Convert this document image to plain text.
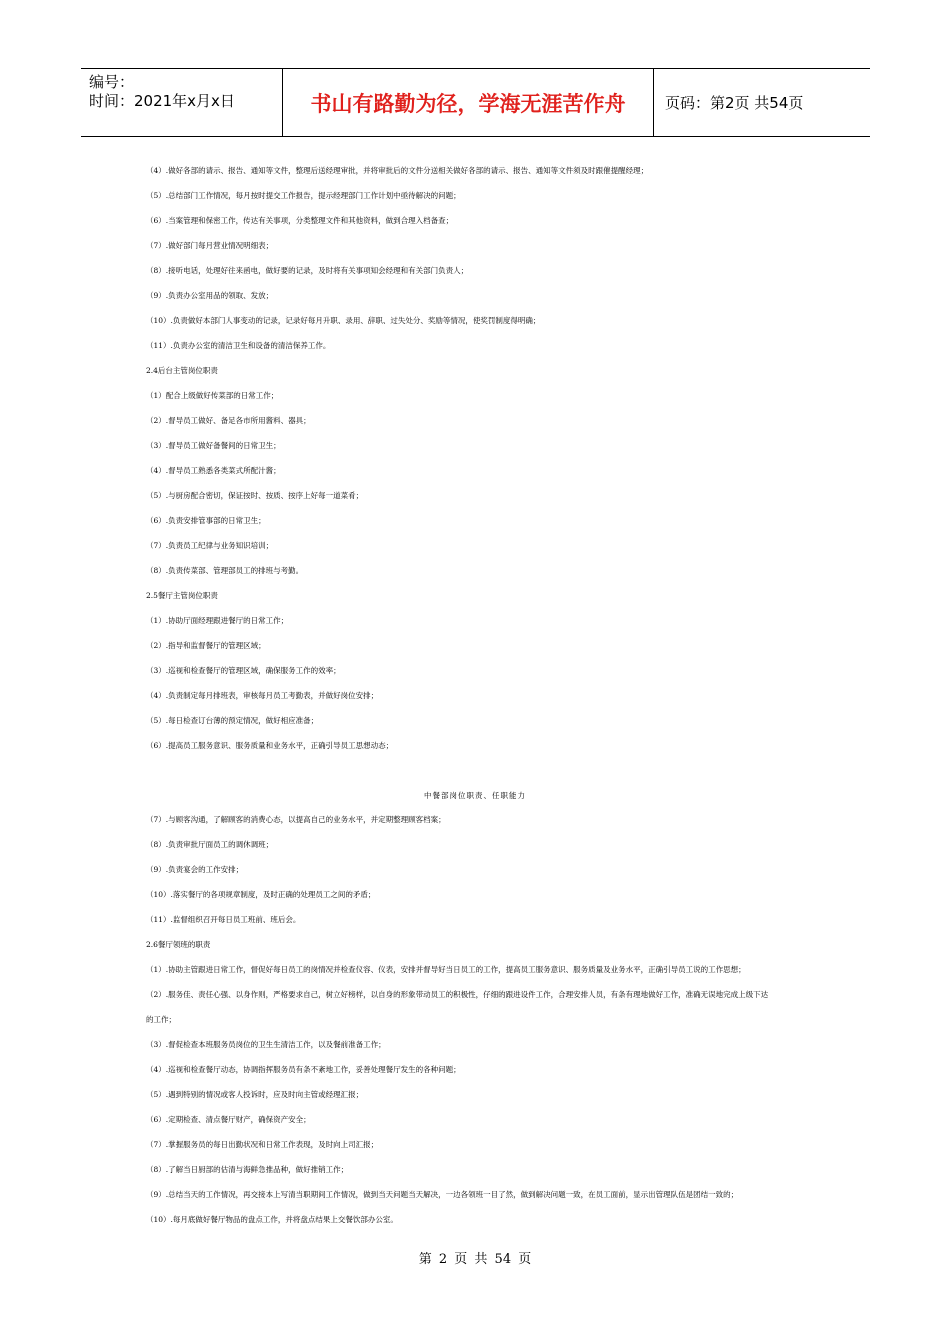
编号：
时间：2021年x月x日	书山有路勤为径，学海无涯苦作舟	页码：第2页 共54页
（4）.做好各部的请示、报告、通知等文件，整理后送经理审批，并将审批后的文件分送相关做好各部的请示、报告、通知等文件须及时跟催提醒经理；
（5）.总结部门工作情况，每月按时提交工作报告，提示经理部门工作计划中亟待解决的问题；
（6）.当案管理和保密工作，传达有关事项，分类整理文件和其他资料，做到合理入档备查；
（7）.做好部门每月营业情况明细表；
（8）.接听电话，处理好往来函电，做好要的记录，及时将有关事项知会经理和有关部门负责人；
（9）.负责办公室用品的领取、发放；
（10）.负责做好本部门人事变动的记录，记录好每月升职、录用、辞职、过失处分、奖励等情况，使奖罚制度得明确；
（11）.负责办公室的清洁卫生和设备的清洁保养工作。
2.4后台主管岗位职责
（1）配合上级做好传菜部的日常工作；
（2）.督导员工做好、备足各市所用酱料、器具；
（3）.督导员工做好备餐间的日常卫生；
（4）.督导员工熟悉各类菜式所配汁酱；
（5）.与厨房配合密切，保证按时、按质、按序上好每一道菜肴；
（6）.负责安排管事部的日常卫生；
（7）.负责员工纪律与业务知识培训；
（8）.负责传菜部、管理部员工的排班与考勤。
2.5餐厅主管岗位职责
（1）.协助厅面经理跟进餐厅的日常工作；
（2）.指导和监督餐厅的管理区域；
（3）.巡视和检查餐厅的管理区域，确保服务工作的效率；
（4）.负责制定每月排班表，审核每月员工考勤表，并做好岗位安排；
（5）.每日检查订台薄的预定情况，做好相应准备；
（6）.提高员工服务意识、服务质量和业务水平，正确引导员工思想动态；
中餐部岗位职责、任职能力
（7）.与顾客沟通，了解顾客的消费心态，以提高自己的业务水平，并定期整理顾客档案；
（8）.负责审批厅面员工的调休调班；
（9）.负责宴会的工作安排；
（10）.落实餐厅的各项规章制度，及时正确的处理员工之间的矛盾；
（11）.监督组织召开每日员工班前、班后会。
2.6餐厅领班的职责
（1）.协助主管跟进日常工作，督促好每日员工的岗情况并检查仪容、仪表，安排并督导好当日员工的工作，提高员工服务意识、服务质量及业务水平，正确引导员工说的工作思想；
（2）.服务佳、责任心强、以身作则，严格要求自己，树立好榜样，以自身的形象带动员工的积极性，仔细的跟进设件工作，合理安排人员，有条有理地做好工作，准确无误地完成上级下达
的工作；
（3）.督促检查本班服务员岗位的卫生生清洁工作，以及餐前准备工作；
（4）.巡视和检查餐厅动态，协调指挥服务员有条不紊地工作，妥善处理餐厅发生的各种问题；
（5）.遇到特别的情况或客人投诉时，应及时向主管或经理汇报；
（6）.定期检查、清点餐厅财产，确保资产安全；
（7）.掌握服务员的每日出勤状况和日常工作表现，及时向上司汇报；
（8）.了解当日厨部的估清与海鲜急推品种，做好推销工作；
（9）.总结当天的工作情况，再交接本上写清当职期间工作情况，做到当天问题当天解决，一边各领班一目了然，做到解决问题一致，在员工面前，显示出管理队伍是团结一致的；
（10）.每月底做好餐厅物品的盘点工作，并将盘点结果上交餐饮部办公室。
第 2 页 共 54 页
